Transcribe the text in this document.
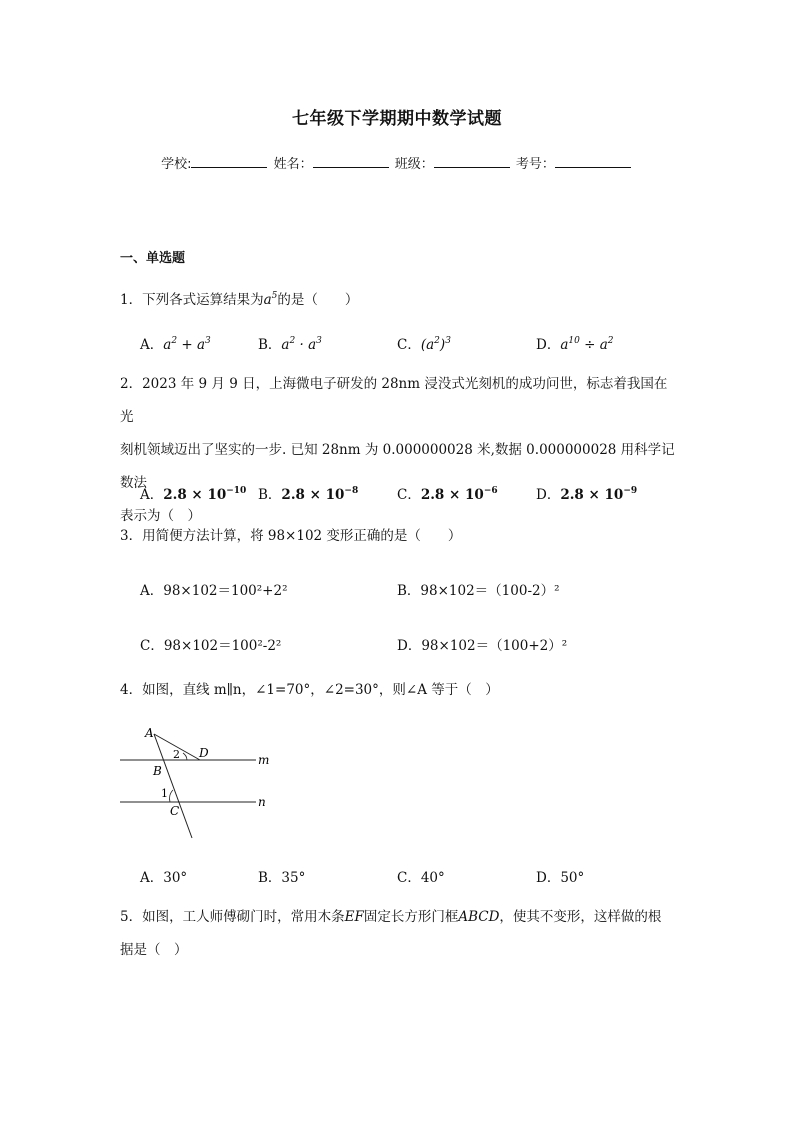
七年级下学期期中数学试题
学校:	姓名：	班级：	考号：
一、单选题
1．下列各式运算结果为$a^5$的是（　　）
A．$a^2 + a^3$	B．$a^2 \cdot a^3$	C．$(a^2)^3$	D．$a^{10} \div a^2$
2．2023 年 9 月 9 日，上海微电子研发的 28nm 浸没式光刻机的成功问世，标志着我国在光
刻机领域迈出了坚实的一步. 已知 28nm 为 0.000000028 米,数据 0.000000028 用科学记数法
表示为（　）
A．$2.8 \times 10^{-10}$ B．$2.8 \times 10^{-8}$	C．$2.8 \times 10^{-6}$	D．$2.8 \times 10^{-9}$
3．用简便方法计算，将 98×102 变形正确的是（　　）
A．98×102＝100²+2²	B．98×102＝（100-2）²
C．98×102＝100²-2²	D．98×102＝（100+2）²
4．如图，直线 m∥n，∠1=70°，∠2=30°，则∠A 等于（　）
A
B
C
D	m
n
1
2
A．30°	B．35°	C．40°	D．50°
5．如图，工人师傅砌门时，常用木条EF固定长方形门框ABCD，使其不变形，这样做的根
据是（　）
